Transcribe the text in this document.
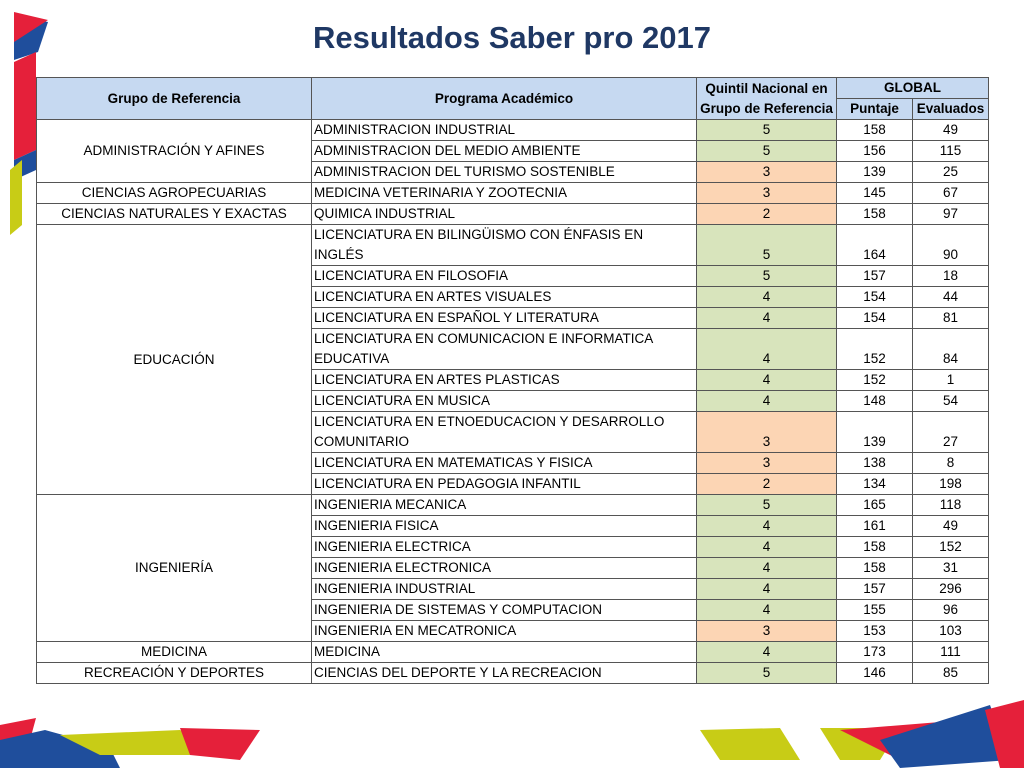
Resultados Saber pro 2017
Grupo de Referencia	Programa Académico	Quintil Nacional en Grupo de Referencia	GLOBAL	
			Puntaje	Evaluados
ADMINISTRACIÓN Y AFINES	ADMINISTRACION INDUSTRIAL	5	158	49
	ADMINISTRACION DEL MEDIO AMBIENTE	5	156	115
	ADMINISTRACION DEL TURISMO SOSTENIBLE	3	139	25
CIENCIAS AGROPECUARIAS	MEDICINA VETERINARIA Y ZOOTECNIA	3	145	67
CIENCIAS NATURALES Y EXACTAS	QUIMICA INDUSTRIAL	2	158	97
EDUCACIÓN	LICENCIATURA EN BILINGÜISMO CON ÉNFASIS EN INGLÉS	5	164	90
	LICENCIATURA EN FILOSOFIA	5	157	18
	LICENCIATURA EN ARTES VISUALES	4	154	44
	LICENCIATURA EN ESPAÑOL Y LITERATURA	4	154	81
	LICENCIATURA EN COMUNICACION E INFORMATICA EDUCATIVA	4	152	84
	LICENCIATURA EN ARTES PLASTICAS	4	152	1
	LICENCIATURA EN MUSICA	4	148	54
	LICENCIATURA EN ETNOEDUCACION Y DESARROLLO COMUNITARIO	3	139	27
	LICENCIATURA EN MATEMATICAS Y FISICA	3	138	8
	LICENCIATURA EN PEDAGOGIA INFANTIL	2	134	198
INGENIERÍA	INGENIERIA MECANICA	5	165	118
	INGENIERIA FISICA	4	161	49
	INGENIERIA ELECTRICA	4	158	152
	INGENIERIA ELECTRONICA	4	158	31
	INGENIERIA INDUSTRIAL	4	157	296
	INGENIERIA DE SISTEMAS Y COMPUTACION	4	155	96
	INGENIERIA EN MECATRONICA	3	153	103
MEDICINA	MEDICINA	4	173	111
RECREACIÓN Y DEPORTES	CIENCIAS DEL DEPORTE Y LA RECREACION	5	146	85
